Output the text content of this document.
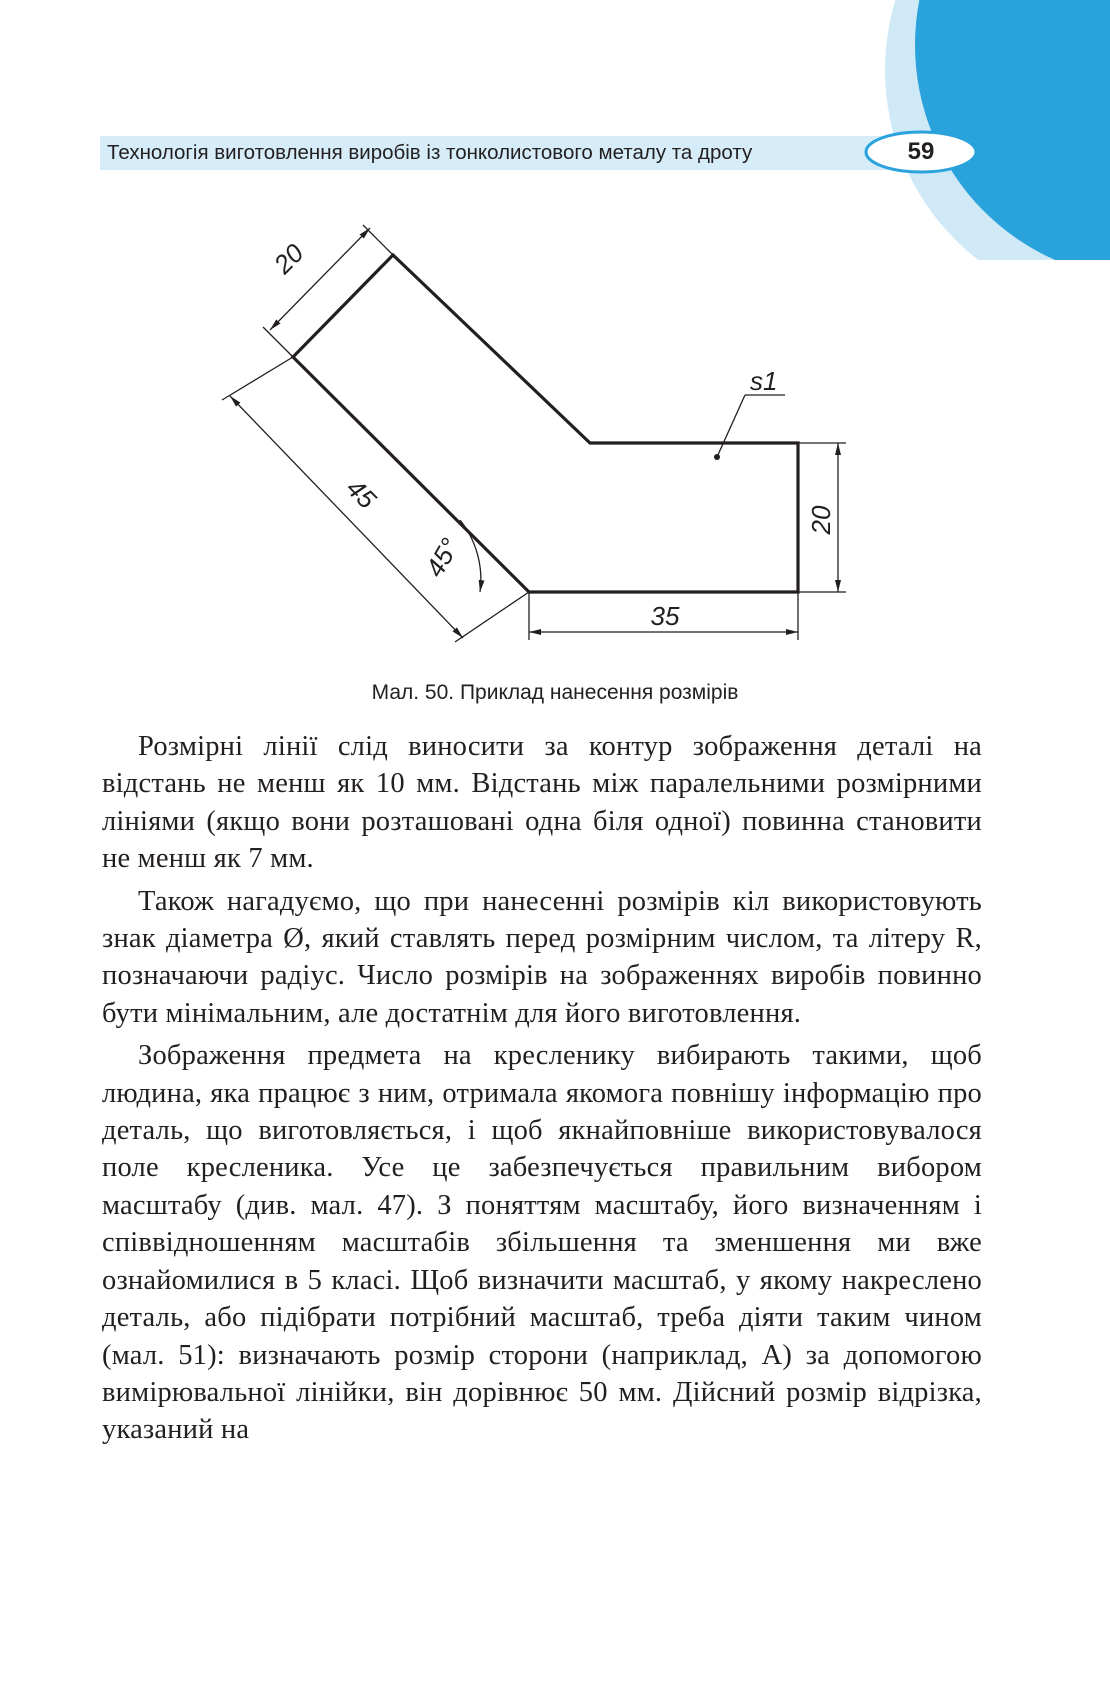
Технологія виготовлення виробів із тонколистового металу та дроту	59
20
45
45°
35
20
s1
Мал. 50. Приклад нанесення розмірів

Розмірні лінії слід виносити за контур зображення деталі на відстань не менш як 10 мм. Відстань між паралельними розмірними лініями (якщо вони розташовані одна біля одної) повинна становити не менш як 7 мм.

Також нагадуємо, що при нанесенні розмірів кіл використовують знак діаметра Ø, який ставлять перед розмірним числом, та літеру R, позначаючи радіус. Число розмірів на зображеннях виробів повинно бути мінімальним, але достатнім для його виготовлення.

Зображення предмета на кресленику вибирають такими, щоб людина, яка працює з ним, отримала якомога повнішу інформацію про деталь, що виготовляється, і щоб якнайповніше використовувалося поле кресленика. Усе це забезпечується правильним вибором масштабу (див. мал. 47). З поняттям масштабу, його визначенням і співвідношенням масштабів збільшення та зменшення ми вже ознайомилися в 5 класі. Щоб визначити масштаб, у якому накреслено деталь, або підібрати потрібний масштаб, треба діяти таким чином (мал. 51): визначають розмір сторони (наприклад, A) за допомогою вимірювальної лінійки, він дорівнює 50 мм. Дійсний розмір відрізка, указаний на
